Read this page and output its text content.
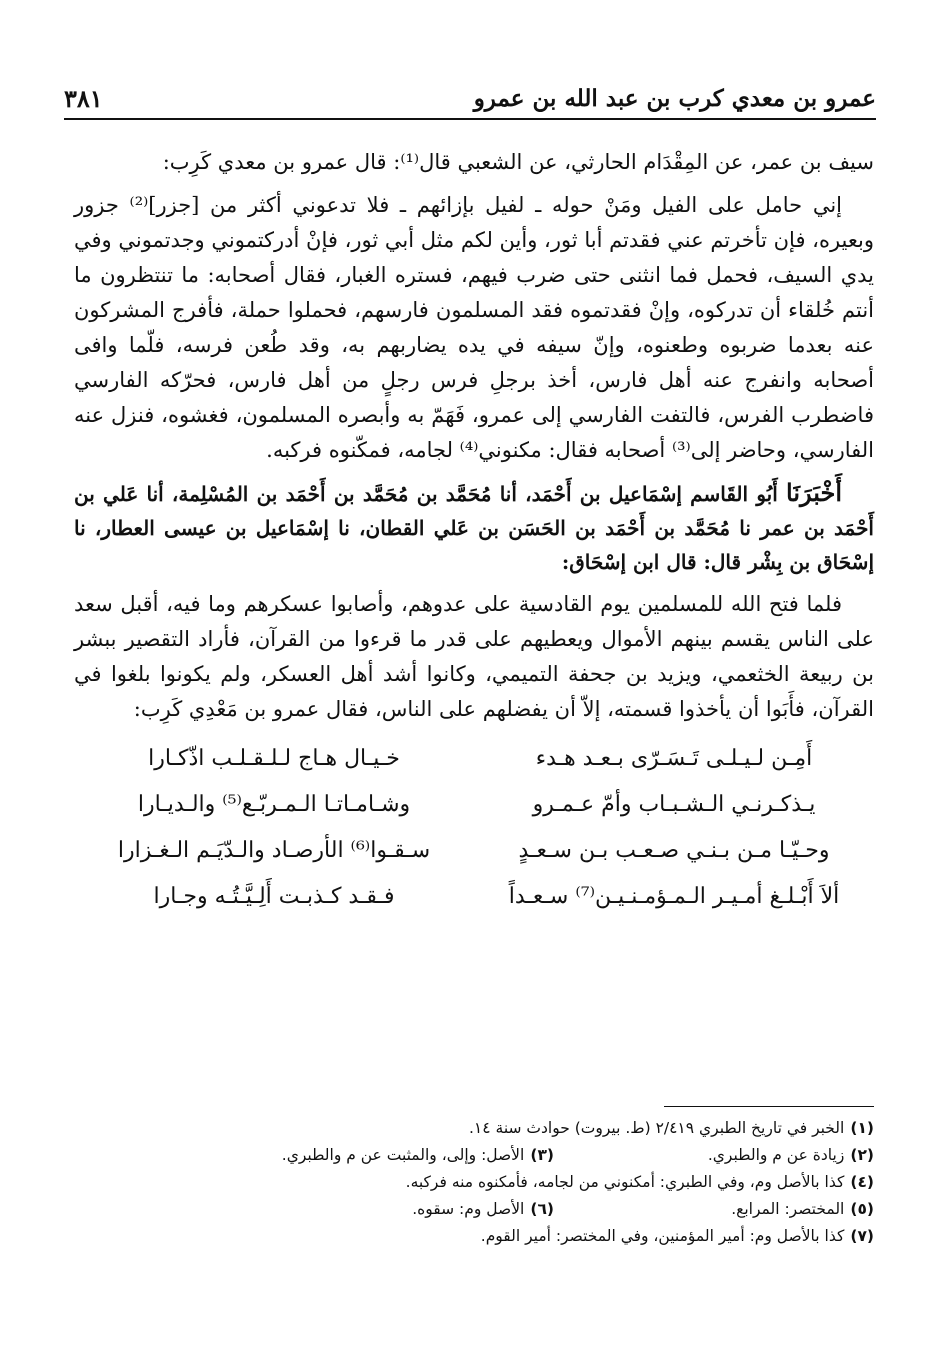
عمرو بن معدي كرب بن عبد الله بن عمرو
٣٨١

سيف بن عمر، عن المِقْدَام الحارثي، عن الشعبي قال⁽¹⁾: قال عمرو بن معدي كَرِب:

إني حامل على الفيل ومَنْ حوله ـ لفيل بإزائهم ـ فلا تدعوني أكثر من [جزر]⁽²⁾ جزور وبعيره، فإن تأخرتم عني فقدتم أبا ثور، وأين لكم مثل أبي ثور، فإنْ أدركتموني وجدتموني وفي يدي السيف، فحمل فما انثنى حتى ضرب فيهم، فستره الغبار، فقال أصحابه: ما تنتظرون ما أنتم خُلقاء أن تدركوه، وإنْ فقدتموه فقد المسلمون فارسهم، فحملوا حملة، فأفرج المشركون عنه بعدما ضربوه وطعنوه، وإنّ سيفه في يده يضاربهم به، وقد طُعن فرسه، فلّما وافى أصحابه وانفرج عنه أهل فارس، أخذ برجلِ فرس رجلٍ من أهل فارس، فحرّكه الفارسي فاضطرب الفرس، فالتفت الفارسي إلى عمرو، فَهَمّ به وأبصره المسلمون، فغشوه، فنزل عنه الفارسي، وحاضر إلى⁽³⁾ أصحابه فقال: مكنوني⁽⁴⁾ لجامه، فمكّنوه فركبه.

أَخْبَرَنَا أَبُو القَاسم إسْمَاعيل بن أَحْمَد، أنا مُحَمَّد بن مُحَمَّد بن أَحْمَد بن المُسْلِمة، أنا عَلي بن أَحْمَد بن عمر نا مُحَمَّد بن أَحْمَد بن الحَسَن بن عَلي القطان، نا إسْمَاعيل بن عيسى العطار، نا إسْحَاق بن بِشْر قال: قال ابن إسْحَاق:

فلما فتح الله للمسلمين يوم القادسية على عدوهم، وأصابوا عسكرهم وما فيه، أقبل سعد على الناس يقسم بينهم الأموال ويعطيهم على قدر ما قرءوا من القرآن، فأراد التقصير ببشر بن ربيعة الخثعمي، ويزيد بن جحفة التميمي، وكانوا أشد أهل العسكر، ولم يكونوا بلغوا في القرآن، فأَبَوا أن يأخذوا قسمته، إلاّ أن يفضلهم على الناس، فقال عمرو بن مَعْدِي كَرِب:

أَمِـن لـيـلـى تَـسَـرّى بـعـد هـدء
خـيـال هـاج لـلـقـلـب اذّكـارا
يـذكـرنـي الـشـبـاب وأمّ عـمـرو
وشـامـاتـا الـمـربّـع⁽⁵⁾ والـديـارا
وحـيّـا مـن بـنـي صـعـب بـن سـعـدٍ
سـقـوا⁽⁶⁾ الأرصـاد والـدّيَـم الـغـزارا
ألاَ أَبْـلـغ أمـيـر الـمـؤمـنـيـن⁽⁷⁾ سـعـداً
فـقـد كـذبـت أَلِـيَّـتُـه وجـارا
(١)
الخبر في تاريخ الطبري ٢/٤١٩ (ط. بيروت) حوادث سنة ١٤.
(٢)
زيادة عن م والطبري.
(٣)
الأصل: وإلى، والمثبت عن م والطبري.
(٤)
كذا بالأصل وم، وفي الطبري: أمكنوني من لجامه، فأمكنوه منه فركبه.
(٥)
المختصر: المرابع.
(٦)
الأصل وم: سقوه.
(٧)
كذا بالأصل وم: أمير المؤمنين، وفي المختصر: أمير القوم.
